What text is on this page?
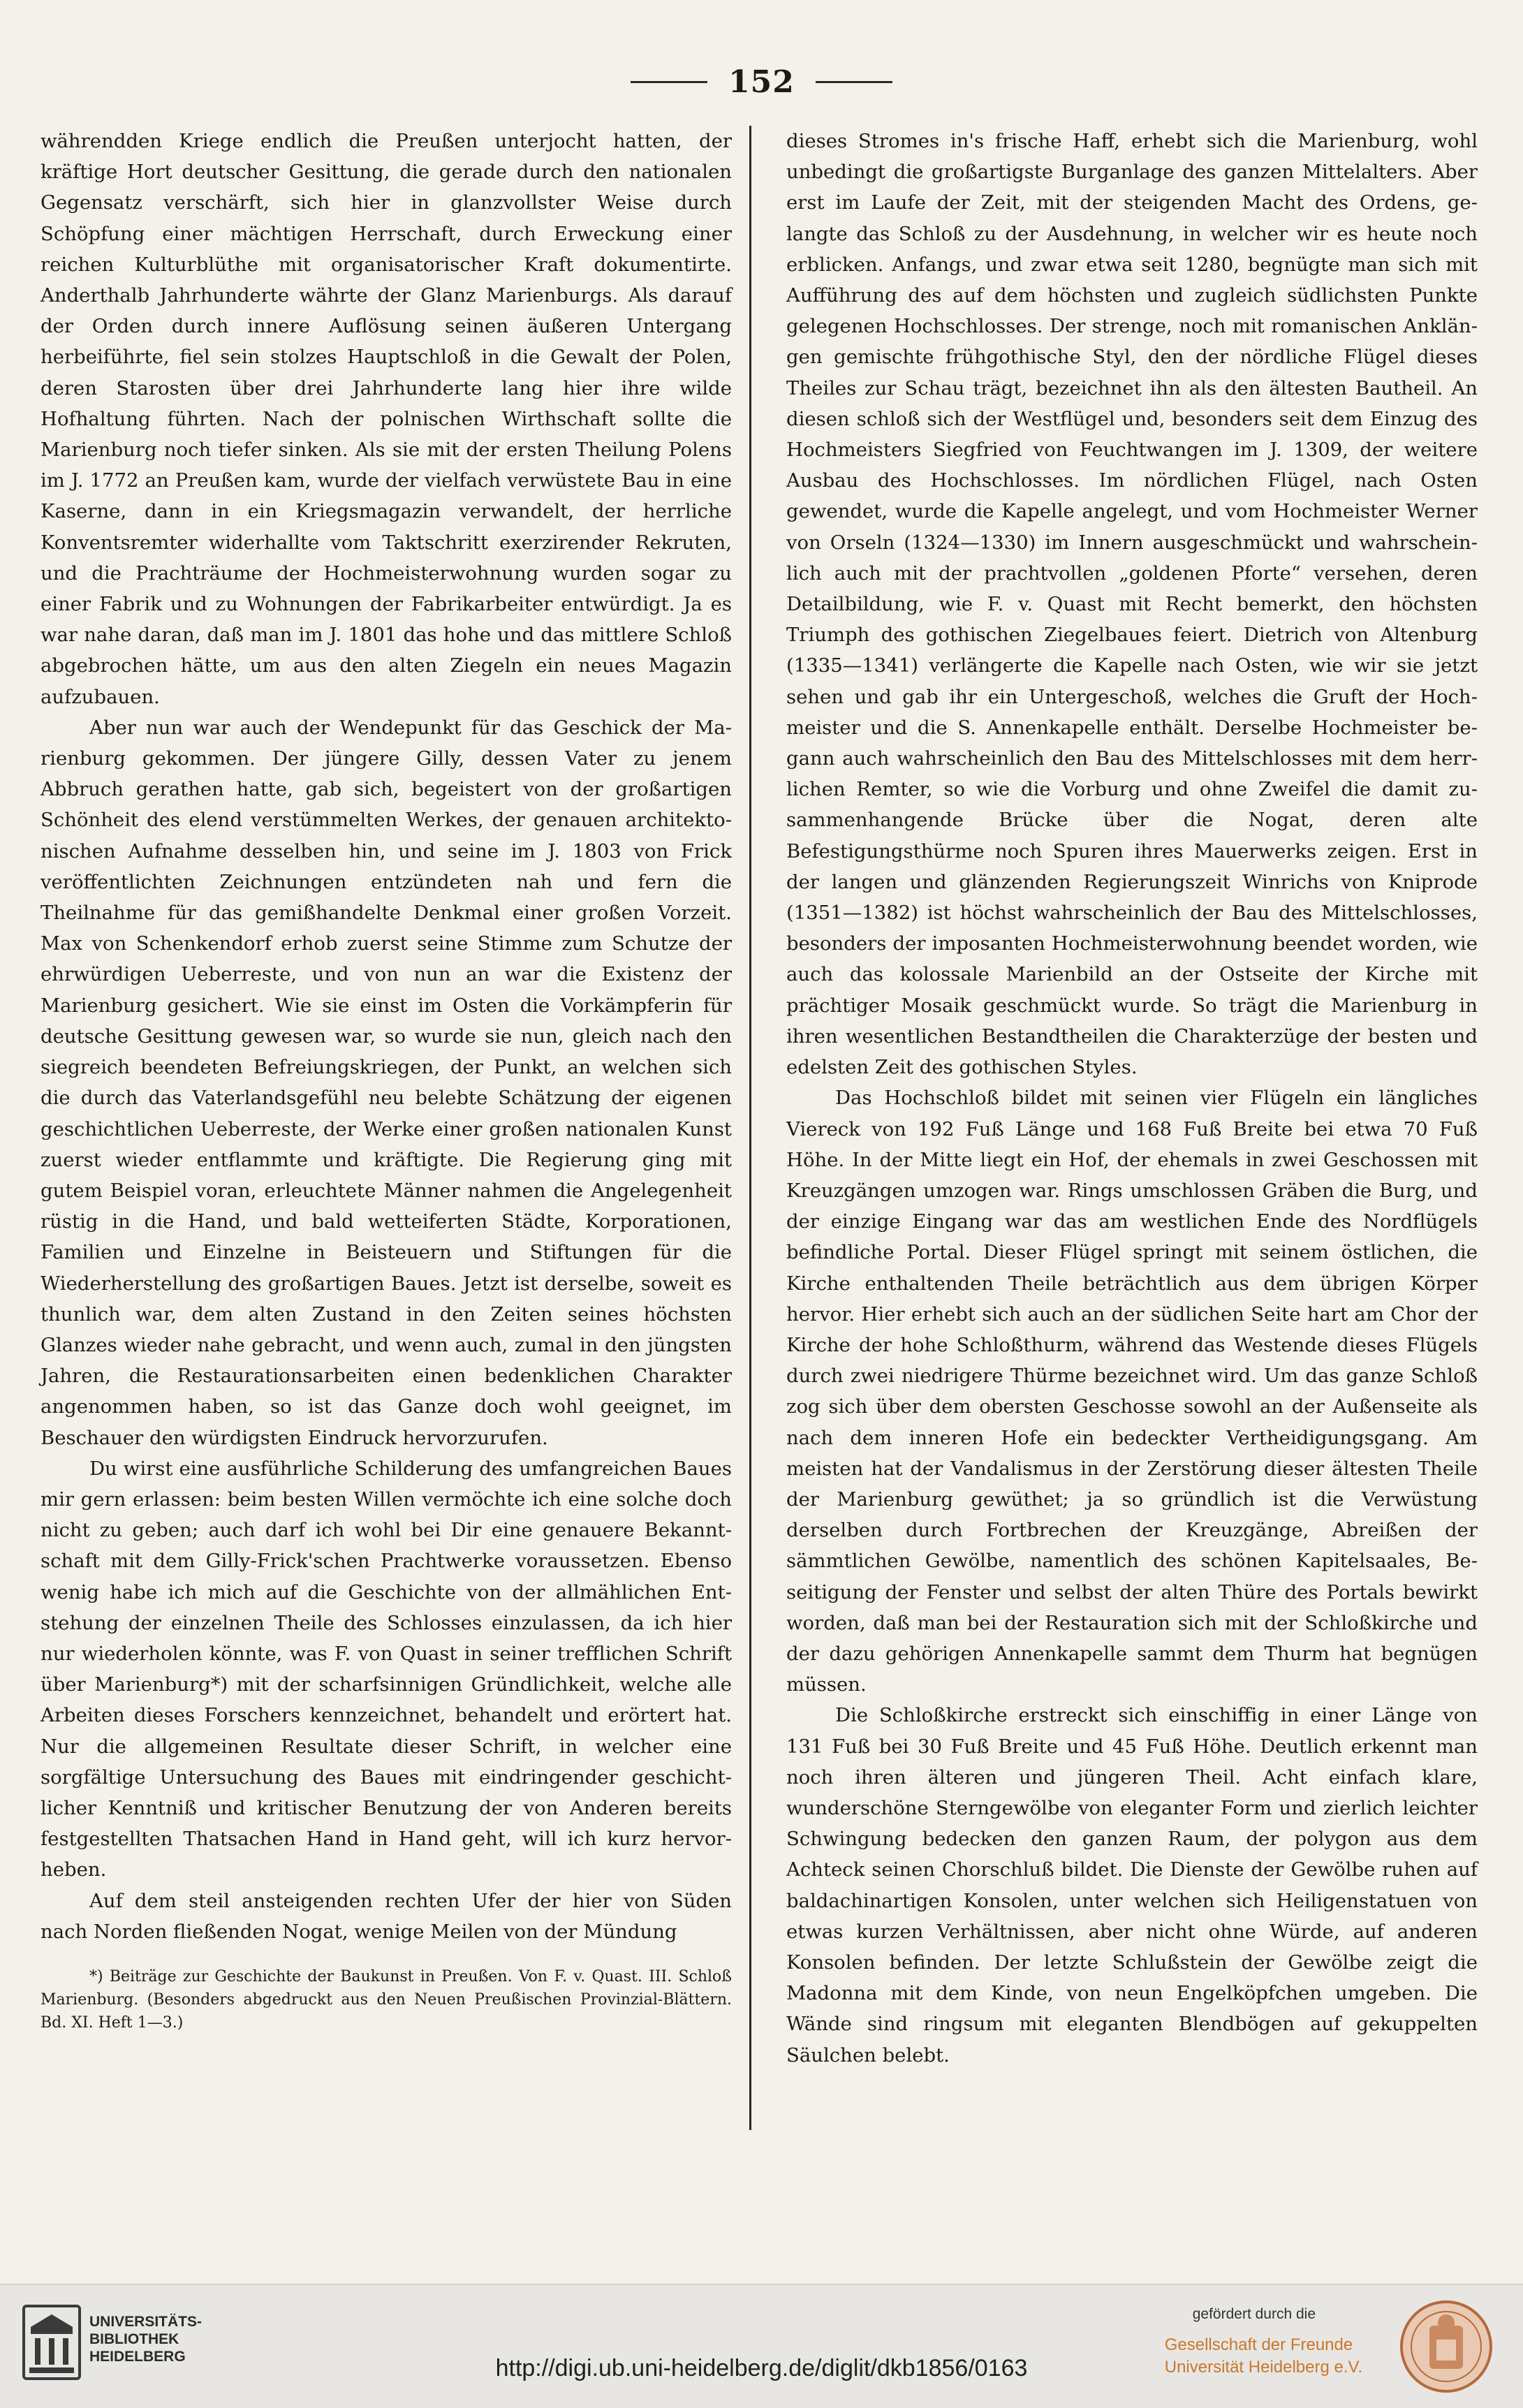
152

währendden Kriege endlich die Preußen unterjocht hatten, der kräftige Hort deutscher Gesittung, die gerade durch den nationalen Gegensatz verschärft, sich hier in glanzvollster Weise durch Schöpfung einer mächtigen Herrschaft, durch Erweckung einer reichen Kulturblüthe mit organisatorischer Kraft dokumentirte. Anderthalb Jahrhunderte währte der Glanz Marienburgs. Als darauf der Orden durch innere Auflösung seinen äußeren Untergang herbeiführte, fiel sein stolzes Hauptschloß in die Gewalt der Polen, deren Starosten über drei Jahrhunderte lang hier ihre wilde Hofhaltung führten. Nach der polnischen Wirthschaft sollte die Marienburg noch tiefer sinken. Als sie mit der ersten Theilung Polens im J. 1772 an Preußen kam, wurde der vielfach verwüstete Bau in eine Kaserne, dann in ein Kriegsmagazin verwandelt, der herrliche Konventsremter widerhallte vom Taktschritt exerzirender Rekruten, und die Prachträume der Hochmeisterwohnung wurden sogar zu einer Fabrik und zu Wohnungen der Fabrikarbeiter entwürdigt. Ja es war nahe daran, daß man im J. 1801 das hohe und das mittlere Schloß abgebrochen hätte, um aus den alten Ziegeln ein neues Magazin aufzubauen.

Aber nun war auch der Wendepunkt für das Geschick der Marienburg gekommen. Der jüngere Gilly, dessen Vater zu jenem Abbruch gerathen hatte, gab sich, begeistert von der großartigen Schönheit des elend verstümmelten Werkes, der genauen architektonischen Aufnahme desselben hin, und seine im J. 1803 von Frick veröffentlichten Zeichnungen entzündeten nah und fern die Theilnahme für das gemißhandelte Denkmal einer großen Vorzeit. Max von Schenkendorf erhob zuerst seine Stimme zum Schutze der ehrwürdigen Ueberreste, und von nun an war die Existenz der Marienburg gesichert. Wie sie einst im Osten die Vorkämpferin für deutsche Gesittung gewesen war, so wurde sie nun, gleich nach den siegreich beendeten Befreiungskriegen, der Punkt, an welchen sich die durch das Vaterlandsgefühl neu belebte Schätzung der eigenen geschichtlichen Ueberreste, der Werke einer großen nationalen Kunst zuerst wieder entflammte und kräftigte. Die Regierung ging mit gutem Beispiel voran, erleuchtete Männer nahmen die Angelegenheit rüstig in die Hand, und bald wetteiferten Städte, Korporationen, Familien und Einzelne in Beisteuern und Stiftungen für die Wiederherstellung des großartigen Baues. Jetzt ist derselbe, soweit es thunlich war, dem alten Zustand in den Zeiten seines höchsten Glanzes wieder nahe gebracht, und wenn auch, zumal in den jüngsten Jahren, die Restaurationsarbeiten einen bedenklichen Charakter angenommen haben, so ist das Ganze doch wohl geeignet, im Beschauer den würdigsten Eindruck hervorzurufen.

Du wirst eine ausführliche Schilderung des umfangreichen Baues mir gern erlassen: beim besten Willen vermöchte ich eine solche doch nicht zu geben; auch darf ich wohl bei Dir eine genauere Bekanntschaft mit dem Gilly-Frick'schen Prachtwerke voraussetzen. Ebenso wenig habe ich mich auf die Geschichte von der allmählichen Entstehung der einzelnen Theile des Schlosses einzulassen, da ich hier nur wiederholen könnte, was F. von Quast in seiner trefflichen Schrift über Marienburg*) mit der scharfsinnigen Gründlichkeit, welche alle Arbeiten dieses Forschers kennzeichnet, behandelt und erörtert hat. Nur die allgemeinen Resultate dieser Schrift, in welcher eine sorgfältige Untersuchung des Baues mit eindringender geschichtlicher Kenntniß und kritischer Benutzung der von Anderen bereits festgestellten Thatsachen Hand in Hand geht, will ich kurz hervorheben.

Auf dem steil ansteigenden rechten Ufer der hier von Süden nach Norden fließenden Nogat, wenige Meilen von der Mündung

*) Beiträge zur Geschichte der Baukunst in Preußen. Von F. v. Quast. III. Schloß Marienburg. (Besonders abgedruckt aus den Neuen Preußischen Provinzial-Blättern. Bd. XI. Heft 1—3.)

dieses Stromes in's frische Haff, erhebt sich die Marienburg, wohl unbedingt die großartigste Burganlage des ganzen Mittelalters. Aber erst im Laufe der Zeit, mit der steigenden Macht des Ordens, gelangte das Schloß zu der Ausdehnung, in welcher wir es heute noch erblicken. Anfangs, und zwar etwa seit 1280, begnügte man sich mit Aufführung des auf dem höchsten und zugleich südlichsten Punkte gelegenen Hochschlosses. Der strenge, noch mit romanischen Anklängen gemischte frühgothische Styl, den der nördliche Flügel dieses Theiles zur Schau trägt, bezeichnet ihn als den ältesten Bautheil. An diesen schloß sich der Westflügel und, besonders seit dem Einzug des Hochmeisters Siegfried von Feuchtwangen im J. 1309, der weitere Ausbau des Hochschlosses. Im nördlichen Flügel, nach Osten gewendet, wurde die Kapelle angelegt, und vom Hochmeister Werner von Orseln (1324—1330) im Innern ausgeschmückt und wahrscheinlich auch mit der prachtvollen „goldenen Pforte“ versehen, deren Detailbildung, wie F. v. Quast mit Recht bemerkt, den höchsten Triumph des gothischen Ziegelbaues feiert. Dietrich von Altenburg (1335—1341) verlängerte die Kapelle nach Osten, wie wir sie jetzt sehen und gab ihr ein Untergeschoß, welches die Gruft der Hochmeister und die S. Annenkapelle enthält. Derselbe Hochmeister begann auch wahrscheinlich den Bau des Mittelschlosses mit dem herrlichen Remter, so wie die Vorburg und ohne Zweifel die damit zusammenhangende Brücke über die Nogat, deren alte Befestigungsthürme noch Spuren ihres Mauerwerks zeigen. Erst in der langen und glänzenden Regierungszeit Winrichs von Kniprode (1351—1382) ist höchst wahrscheinlich der Bau des Mittelschlosses, besonders der imposanten Hochmeisterwohnung beendet worden, wie auch das kolossale Marienbild an der Ostseite der Kirche mit prächtiger Mosaik geschmückt wurde. So trägt die Marienburg in ihren wesentlichen Bestandtheilen die Charakterzüge der besten und edelsten Zeit des gothischen Styles.

Das Hochschloß bildet mit seinen vier Flügeln ein längliches Viereck von 192 Fuß Länge und 168 Fuß Breite bei etwa 70 Fuß Höhe. In der Mitte liegt ein Hof, der ehemals in zwei Geschossen mit Kreuzgängen umzogen war. Rings umschlossen Gräben die Burg, und der einzige Eingang war das am westlichen Ende des Nordflügels befindliche Portal. Dieser Flügel springt mit seinem östlichen, die Kirche enthaltenden Theile beträchtlich aus dem übrigen Körper hervor. Hier erhebt sich auch an der südlichen Seite hart am Chor der Kirche der hohe Schloßthurm, während das Westende dieses Flügels durch zwei niedrigere Thürme bezeichnet wird. Um das ganze Schloß zog sich über dem obersten Geschosse sowohl an der Außenseite als nach dem inneren Hofe ein bedeckter Vertheidigungsgang. Am meisten hat der Vandalismus in der Zerstörung dieser ältesten Theile der Marienburg gewüthet; ja so gründlich ist die Verwüstung derselben durch Fortbrechen der Kreuzgänge, Abreißen der sämmtlichen Gewölbe, namentlich des schönen Kapitelsaales, Beseitigung der Fenster und selbst der alten Thüre des Portals bewirkt worden, daß man bei der Restauration sich mit der Schloßkirche und der dazu gehörigen Annenkapelle sammt dem Thurm hat begnügen müssen.

Die Schloßkirche erstreckt sich einschiffig in einer Länge von 131 Fuß bei 30 Fuß Breite und 45 Fuß Höhe. Deutlich erkennt man noch ihren älteren und jüngeren Theil. Acht einfach klare, wunderschöne Sterngewölbe von eleganter Form und zierlich leichter Schwingung bedecken den ganzen Raum, der polygon aus dem Achteck seinen Chorschluß bildet. Die Dienste der Gewölbe ruhen auf baldachinartigen Konsolen, unter welchen sich Heiligenstatuen von etwas kurzen Verhältnissen, aber nicht ohne Würde, auf anderen Konsolen befinden. Der letzte Schlußstein der Gewölbe zeigt die Madonna mit dem Kinde, von neun Engelköpfchen umgeben. Die Wände sind ringsum mit eleganten Blendbögen auf gekuppelten Säulchen belebt.

UNIVERSITÄTS-
BIBLIOTHEK
HEIDELBERG	http://digi.ub.uni-heidelberg.de/diglit/dkb1856/0163
gefördert durch die
Gesellschaft der Freunde
Universität Heidelberg e.V.
